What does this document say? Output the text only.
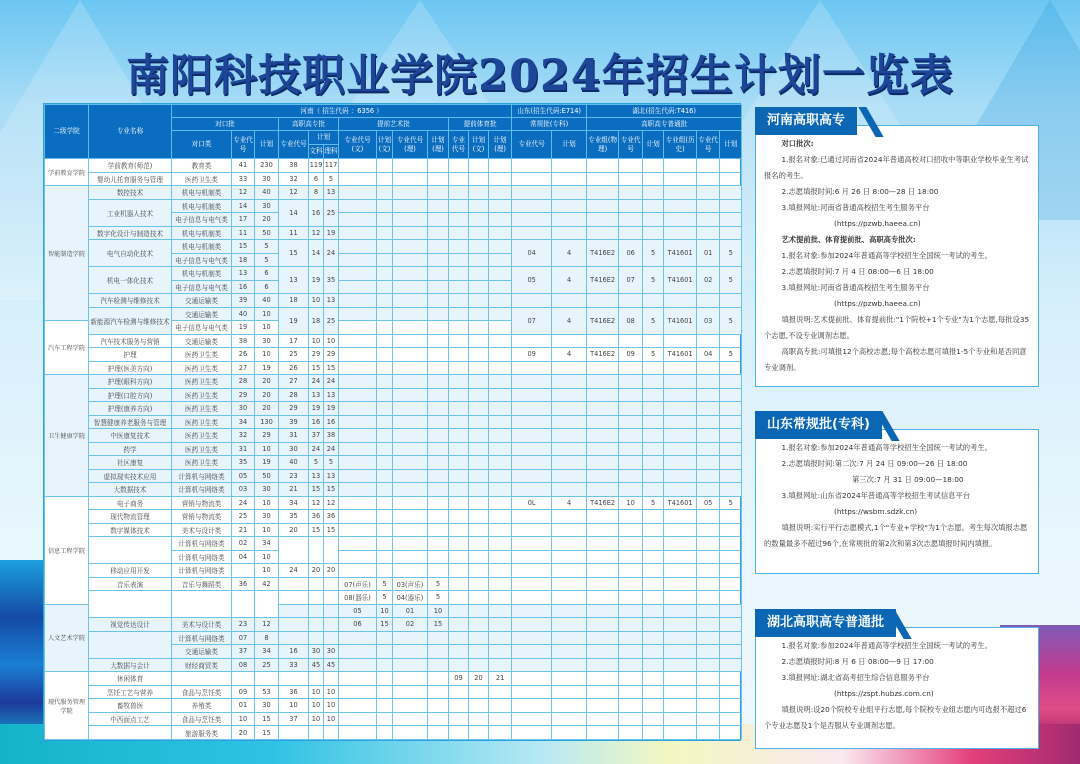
南阳科技职业学院2024年招生计划一览表
二级学院	专业名称	河南（ 招生代码 ：6356 ）													山东(招生代码:E714)		湖北(招生代码:T416)					
		对口批			高职高专批			提前艺术批				提前体育批			常规批(专科)		高职高专普通批					
		对口类	专业代号	计划	专业代号	计划		专业代号(文)	计划(文)	专业代号(理)	计划(理)	专业代号	计划(文)	计划(理)	专业代号	计划	专业组(物理)	专业代号	计划	专业组(历史)	专业代号	计划
						文科	理科															
学前教育学院	学前教育(师范)	教育类	41	230	38	119	117															
	婴幼儿托育服务与管理	医药卫生类	33	30	32	6	5															
智能制造学院	数控技术	机电与机制类	12	40	12	8	13															
	工业机器人技术	机电与机制类	14	30	14	16	25															
		电子信息与电气类	17	20																		
	数字化设计与制造技术	机电与机制类	11	50	11	12	19															
	电气自动化技术	机电与机制类	15	5	15	14	24								04	4	T416E2	06	5	T41601	01	5
		电子信息与电气类	18	5																		
	机电一体化技术	机电与机制类	13	6	13	19	35								05	4	T416E2	07	5	T41601	02	5
		电子信息与电气类	16	6																		
	汽车检测与维修技术	交通运输类	39	40	18	10	13															
	新能源汽车检测与维修技术	交通运输类	40	10	19	18	25								07	4	T416E2	08	5	T41601	03	5
汽车工程学院		电子信息与电气类	19	10																		
	汽车技术服务与营销	交通运输类	38	30	17	10	10															
	护理	医药卫生类	26	10	25	29	29								09	4	T416E2	09	5	T41601	04	5
	护理(医美方向)	医药卫生类	27	19	26	15	15															
卫生健康学院	护理(眼科方向)	医药卫生类	28	20	27	24	24															
	护理(口腔方向)	医药卫生类	29	20	28	13	13															
	护理(康养方向)	医药卫生类	30	20	29	19	19															
	智慧健康养老服务与管理	医药卫生类	34	130	39	16	16															
	中医康复技术	医药卫生类	32	29	31	37	38															
	药学	医药卫生类	31	10	30	24	24															
	社区康复	医药卫生类	35	19	40	5	5															
	虚拟现实技术应用	计算机与网络类	05	50	23	13	13															
	大数据技术	计算机与网络类	03	30	21	15	15															
信息工程学院	电子商务	营销与物流类	24	10	34	12	12								0L	4	T416E2	10	5	T41601	05	5
	现代物流管理	营销与物流类	25	30	35	36	36															
	数字媒体技术	美术与设计类	21	10	20	15	15															
		计算机与网络类	02	34																		
		计算机与网络类	04	10																		
	移动应用开发	计算机与网络类		10	24	20	20															
	音乐表演	音乐与舞蹈类	36	42				07(声乐)	5	03(声乐)	5											
								08(器乐)	5	04(器乐)	5											
人文艺术学院								05	10	01	10											
	视觉传达设计	美术与设计类	23	12				06	15	02	15											
		计算机与网络类	07	8																		
		交通运输类	37	34	16	30	30															
	大数据与会计	财经商贸类	08	25	33	45	45															
现代服务管理学院	休闲体育											09	20	21								
	烹饪工艺与营养	食品与烹饪类	09	53	36	10	10															
	畜牧兽医	养殖类	01	30	10	10	10															
	中西面点工艺	食品与烹饪类	10	15	37	10	10															
		旅游服务类	20	15																		

对口批次:

1.报名对象:已通过河南省2024年普通高校对口招收中等职业学校毕业生考试报名的考生。

2.志愿填报时间:6 月 26 日 8:00—28 日 18:00

3.填报网址:河南省普通高校招生考生服务平台

(https://pzwb.haeea.cn)

艺术提前批、体育提前批、高职高专批次:

1.报名对象:参加2024年普通高等学校招生全国统一考试的考生。

2.志愿填报时间:7 月 4 日 08:00—6 日 18:00

3.填报网址:河南省普通高校招生考生服务平台

(https://pzwb.haeea.cn)

填报说明:艺术提前批、体育提前批:"1个院校+1个专业"为1个志愿,每批设35个志愿,不设专业调剂志愿。

高职高专批:可填报12个高校志愿;每个高校志愿可填报1-5个专业和是否同意专业调剂。

河南高职高专

1.报名对象:参加2024年普通高等学校招生全国统一考试的考生。

2.志愿填报时间:第二次:7 月 24 日 09:00—26 日 18:00

第三次:7 月 31 日 09:00—18:00

3.填报网址:山东省2024年普通高等学校招生考试信息平台

(https://wsbm.sdzk.cn)

填报说明:实行平行志愿模式,1个"专业+学校"为1个志愿。考生每次填报志愿的数量最多不超过96个,在常规批的第2次和第3次志愿填报时间内填报。

山东常规批(专科)

1.报名对象:参加2024年普通高等学校招生全国统一考试的考生。

2.志愿填报时间:8 月 6 日 08:00—9 日 17:00

3.填报网址:湖北省高考招生综合信息服务平台

(https://zspt.hubzs.com.cn)

填报说明:设20个院校专业组平行志愿,每个院校专业组志愿内可选报不超过6个专业志愿及1个是否服从专业调剂志愿。

湖北高职高专普通批
